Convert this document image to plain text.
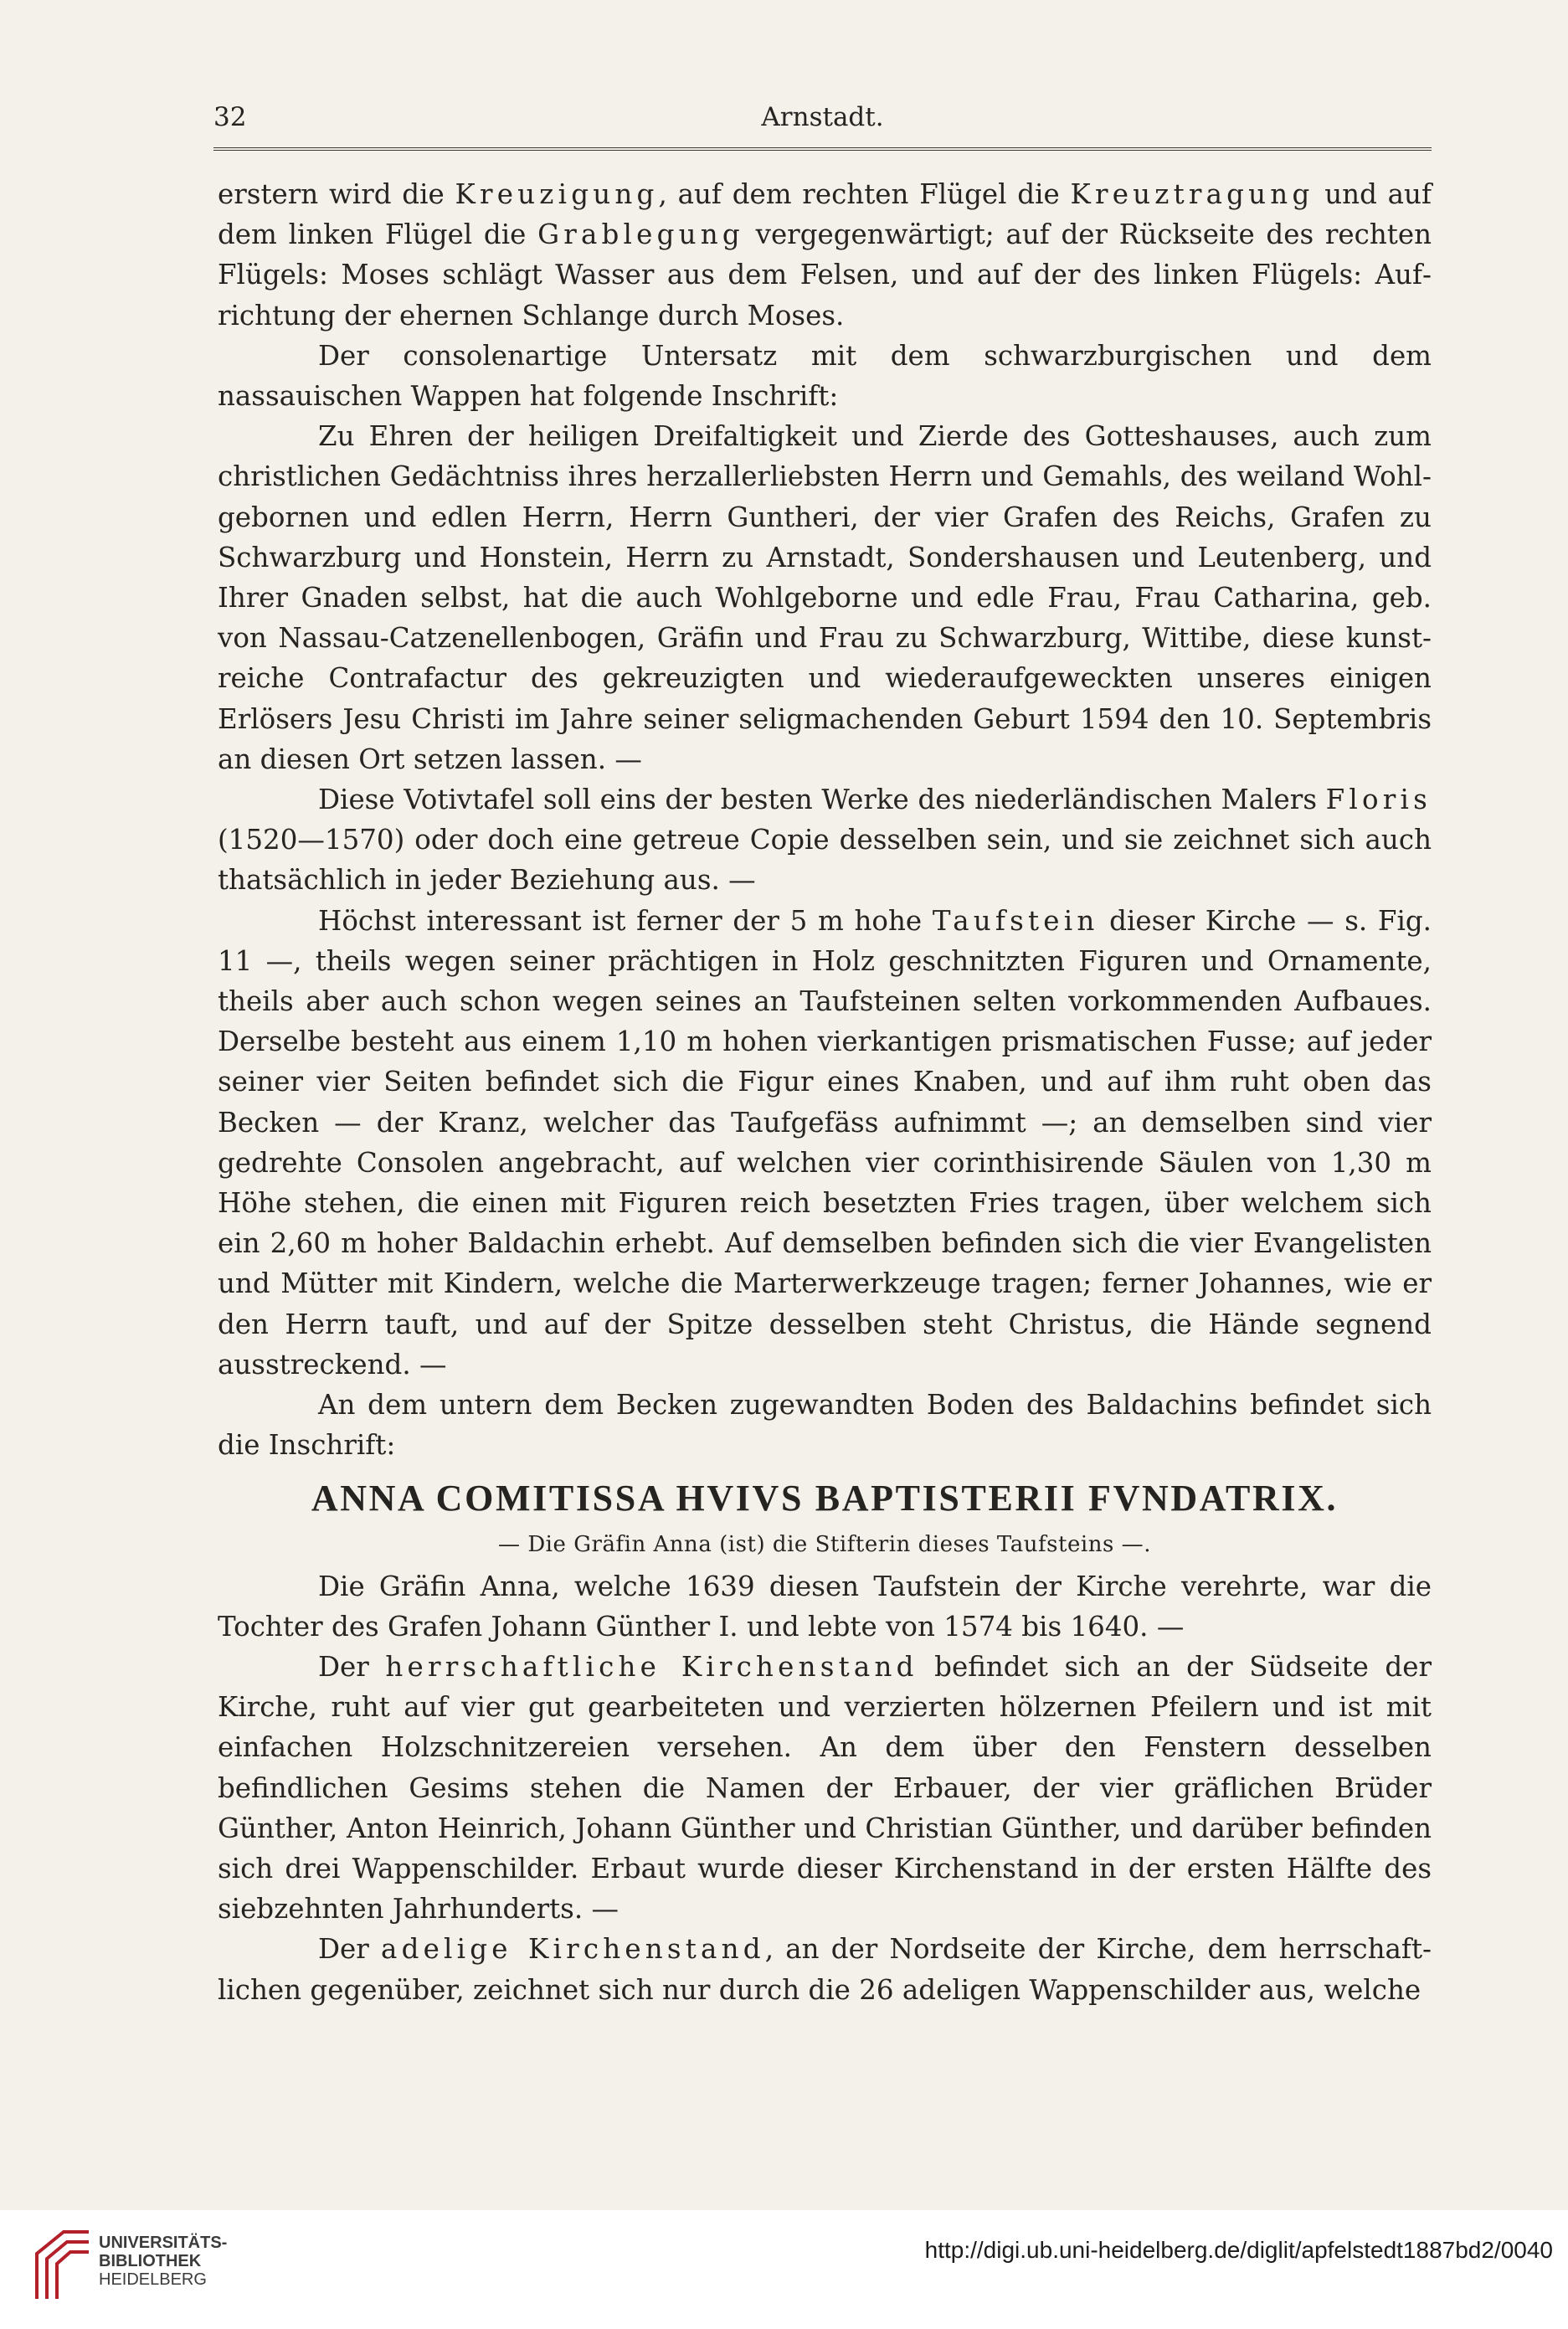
32	Arnstadt.

erstern wird die Kreuzigung, auf dem rechten Flügel die Kreuztragung und auf dem linken Flügel die Grablegung vergegenwärtigt; auf der Rückseite des rechten Flügels: Moses schlägt Wasser aus dem Felsen, und auf der des linken Flügels: Aufrichtung der ehernen Schlange durch Moses.

Der consolenartige Untersatz mit dem schwarzburgischen und dem nassauischen Wappen hat folgende Inschrift:

Zu Ehren der heiligen Dreifaltigkeit und Zierde des Gotteshauses, auch zum christlichen Gedächtniss ihres herzallerliebsten Herrn und Gemahls, des weiland Wohlgebornen und edlen Herrn, Herrn Guntheri, der vier Grafen des Reichs, Grafen zu Schwarzburg und Honstein, Herrn zu Arnstadt, Sondershausen und Leutenberg, und Ihrer Gnaden selbst, hat die auch Wohlgeborne und edle Frau, Frau Catharina, geb. von Nassau-Catzenellenbogen, Gräfin und Frau zu Schwarzburg, Wittibe, diese kunstreiche Contrafactur des gekreuzigten und wiederaufgeweckten unseres einigen Erlösers Jesu Christi im Jahre seiner seligmachenden Geburt 1594 den 10. Septembris an diesen Ort setzen lassen. —

Diese Votivtafel soll eins der besten Werke des niederländischen Malers Floris (1520—1570) oder doch eine getreue Copie desselben sein, und sie zeichnet sich auch thatsächlich in jeder Beziehung aus. —

Höchst interessant ist ferner der 5 m hohe Taufstein dieser Kirche — s. Fig. 11 —, theils wegen seiner prächtigen in Holz geschnitzten Figuren und Ornamente, theils aber auch schon wegen seines an Taufsteinen selten vorkommenden Aufbaues. Derselbe besteht aus einem 1,10 m hohen vierkantigen prismatischen Fusse; auf jeder seiner vier Seiten befindet sich die Figur eines Knaben, und auf ihm ruht oben das Becken — der Kranz, welcher das Taufgefäss aufnimmt —; an demselben sind vier gedrehte Consolen angebracht, auf welchen vier corinthisirende Säulen von 1,30 m Höhe stehen, die einen mit Figuren reich besetzten Fries tragen, über welchem sich ein 2,60 m hoher Baldachin erhebt. Auf demselben befinden sich die vier Evangelisten und Mütter mit Kindern, welche die Marterwerkzeuge tragen; ferner Johannes, wie er den Herrn tauft, und auf der Spitze desselben steht Christus, die Hände segnend ausstreckend. —

An dem untern dem Becken zugewandten Boden des Baldachins befindet sich die Inschrift:

ANNA COMITISSA HVIVS BAPTISTERII FVNDATRIX.
— Die Gräfin Anna (ist) die Stifterin dieses Taufsteins —.

Die Gräfin Anna, welche 1639 diesen Taufstein der Kirche verehrte, war die Tochter des Grafen Johann Günther I. und lebte von 1574 bis 1640. —

Der herrschaftliche Kirchenstand befindet sich an der Südseite der Kirche, ruht auf vier gut gearbeiteten und verzierten hölzernen Pfeilern und ist mit einfachen Holzschnitzereien versehen. An dem über den Fenstern desselben befindlichen Gesims stehen die Namen der Erbauer, der vier gräflichen Brüder Günther, Anton Heinrich, Johann Günther und Christian Günther, und darüber befinden sich drei Wappenschilder. Erbaut wurde dieser Kirchenstand in der ersten Hälfte des siebzehnten Jahrhunderts. —

Der adelige Kirchenstand, an der Nordseite der Kirche, dem herrschaftlichen gegenüber, zeichnet sich nur durch die 26 adeligen Wappenschilder aus, welche

UNIVERSITÄTS-
BIBLIOTHEK
HEIDELBERG
http://digi.ub.uni-heidelberg.de/diglit/apfelstedt1887bd2/0040
